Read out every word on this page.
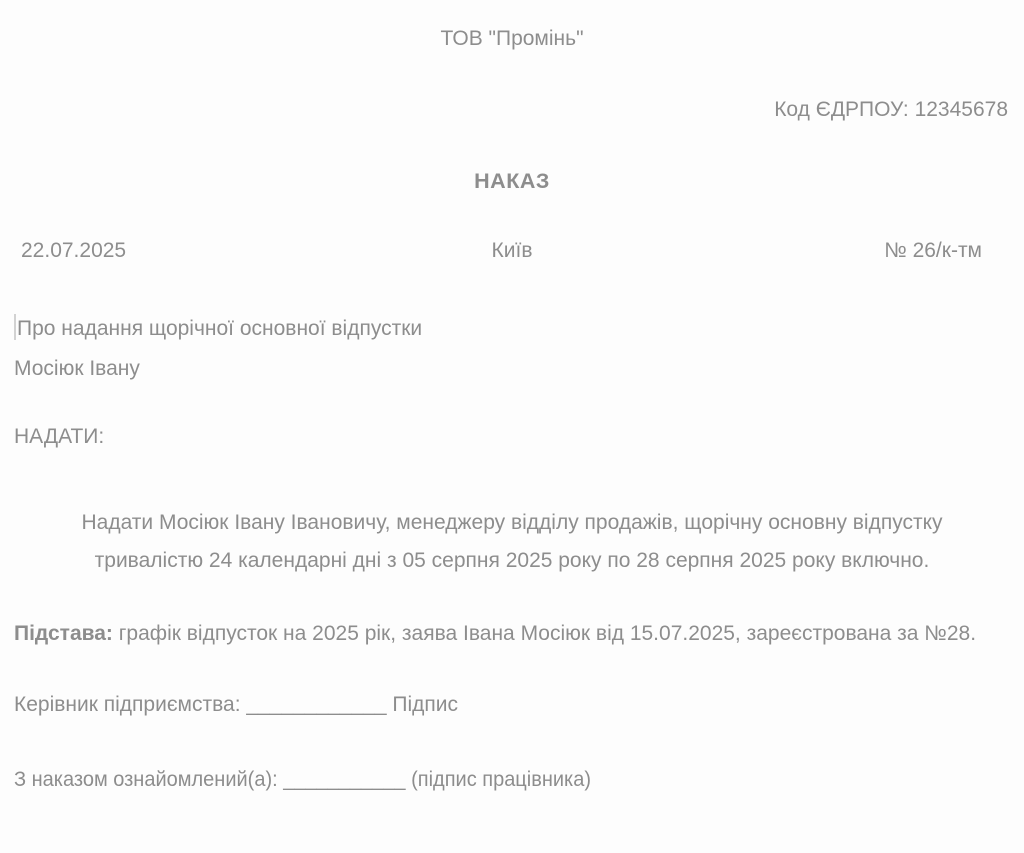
ТОВ "Промінь"
Код ЄДРПОУ: 12345678
НАКАЗ
22.07.2025	Київ	№ 26/к-тм
Про надання щорічної основної відпустки
Мосіюк Івану
НАДАТИ:
Надати Мосіюк Івану Івановичу, менеджеру відділу продажів, щорічну основну відпустку тривалістю 24 календарні дні з 05 серпня 2025 року по 28 серпня 2025 року включно.
Підстава: графік відпусток на 2025 рік, заява Івана Мосіюк від 15.07.2025, зареєстрована за №28.
Керівник підприємства: ____________ Підпис
З наказом ознайомлений(а): ___________ (підпис працівника)
